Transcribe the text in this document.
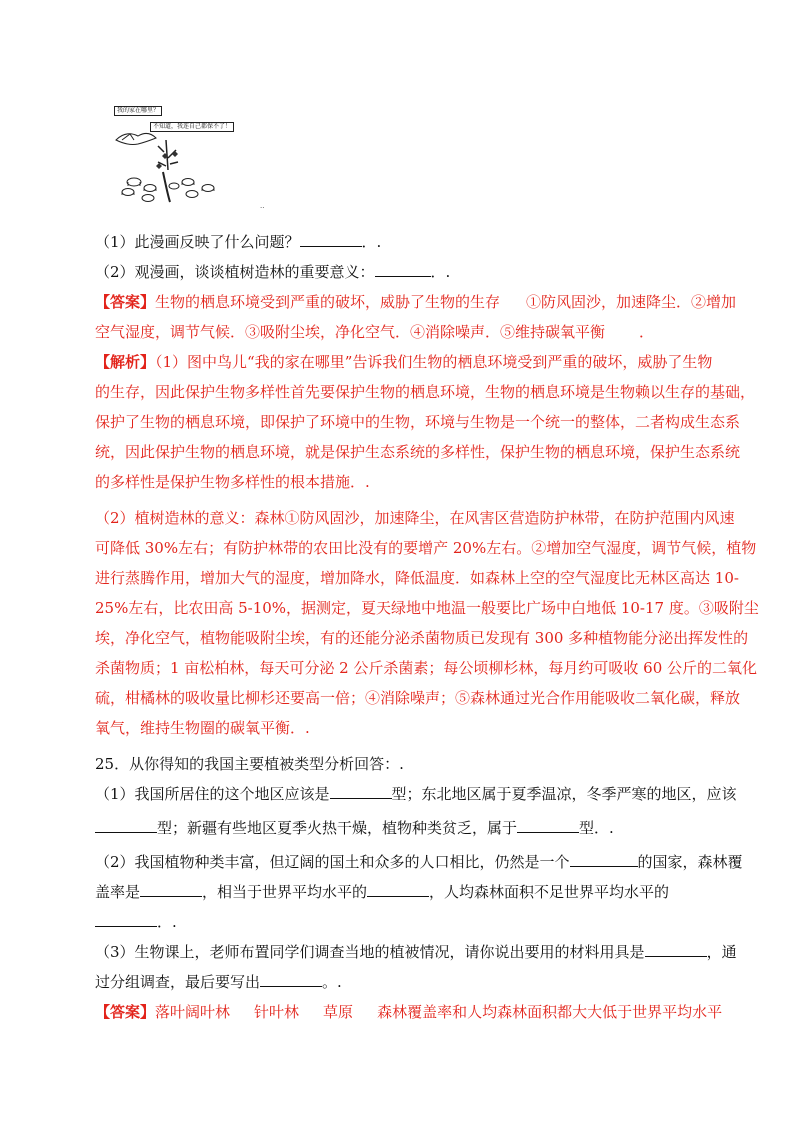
我的家在哪里？
不知道，我连自己都保不了！
..
（1）此漫画反映了什么问题？	．.
（2）观漫画，谈谈植树造林的重要意义：	．.
【答案】生物的栖息环境受到严重的破坏，威胁了生物的生存 ①防风固沙，加速降尘．②增加
空气湿度，调节气候．③吸附尘埃，净化空气．④消除噪声．⑤维持碳氧平衡 ．
【解析】（1）图中鸟儿“我的家在哪里”告诉我们生物的栖息环境受到严重的破坏，威胁了生物
的生存，因此保护生物多样性首先要保护生物的栖息环境，生物的栖息环境是生物赖以生存的基础，
保护了生物的栖息环境，即保护了环境中的生物，环境与生物是一个统一的整体，二者构成生态系
统，因此保护生物的栖息环境，就是保护生态系统的多样性，保护生物的栖息环境，保护生态系统
的多样性是保护生物多样性的根本措施．.
（2）植树造林的意义：森林①防风固沙，加速降尘，在风害区营造防护林带，在防护范围内风速
可降低 30%左右；有防护林带的农田比没有的要增产 20%左右。②增加空气湿度，调节气候，植物
进行蒸腾作用，增加大气的湿度，增加降水，降低温度．如森林上空的空气湿度比无林区高达 10-
25%左右，比农田高 5-10%，据测定，夏天绿地中地温一般要比广场中白地低 10-17 度。③吸附尘
埃，净化空气，植物能吸附尘埃，有的还能分泌杀菌物质已发现有 300 多种植物能分泌出挥发性的
杀菌物质；1 亩松柏林，每天可分泌 2 公斤杀菌素；每公顷柳杉林，每月约可吸收 60 公斤的二氧化
硫，柑橘林的吸收量比柳杉还要高一倍；④消除噪声；⑤森林通过光合作用能吸收二氧化碳，释放
氧气，维持生物圈的碳氧平衡．.
25．从你得知的我国主要植被类型分析回答：.
（1）我国所居住的这个地区应该是	型；东北地区属于夏季温凉，冬季严寒的地区，应该
型；新疆有些地区夏季火热干燥，植物种类贫乏，属于	型．.
（2）我国植物种类丰富，但辽阔的国土和众多的人口相比，仍然是一个	的国家，森林覆
盖率是	，相当于世界平均水平的	，人均森林面积不足世界平均水平的
．.
（3）生物课上，老师布置同学们调查当地的植被情况，请你说出要用的材料用具是	，通
过分组调查，最后要写出	。.
【答案】落叶阔叶林 针叶林 草原 森林覆盖率和人均森林面积都大大低于世界平均水平
